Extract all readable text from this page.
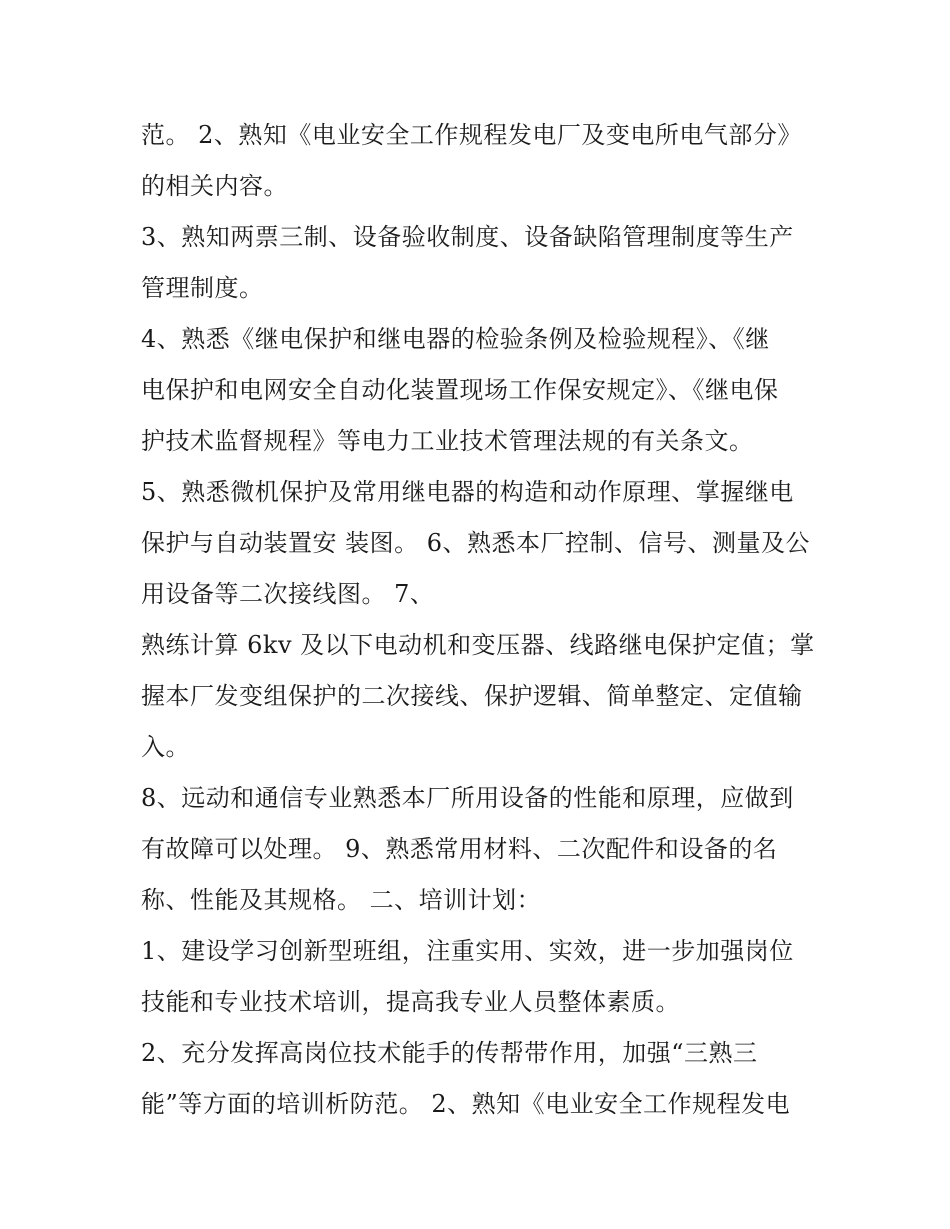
范。 2、熟知《电业安全工作规程发电厂及变电所电气部分》
的相关内容。
3、熟知两票三制、设备验收制度、设备缺陷管理制度等生产
管理制度。
4、熟悉《继电保护和继电器的检验条例及检验规程》、《继
电保护和电网安全自动化装置现场工作保安规定》、《继电保
护技术监督规程》等电力工业技术管理法规的有关条文。
5、熟悉微机保护及常用继电器的构造和动作原理、掌握继电
保护与自动装置安 装图。 6、熟悉本厂控制、信号、测量及公
用设备等二次接线图。 7、
熟练计算 6kv 及以下电动机和变压器、线路继电保护定值；掌
握本厂发变组保护的二次接线、保护逻辑、简单整定、定值输
入。
8、远动和通信专业熟悉本厂所用设备的性能和原理，应做到
有故障可以处理。 9、熟悉常用材料、二次配件和设备的名
称、性能及其规格。 二、培训计划：
1、建设学习创新型班组，注重实用、实效，进一步加强岗位
技能和专业技术培训，提高我专业人员整体素质。
2、充分发挥高岗位技术能手的传帮带作用，加强“三熟三
能”等方面的培训析防范。 2、熟知《电业安全工作规程发电
